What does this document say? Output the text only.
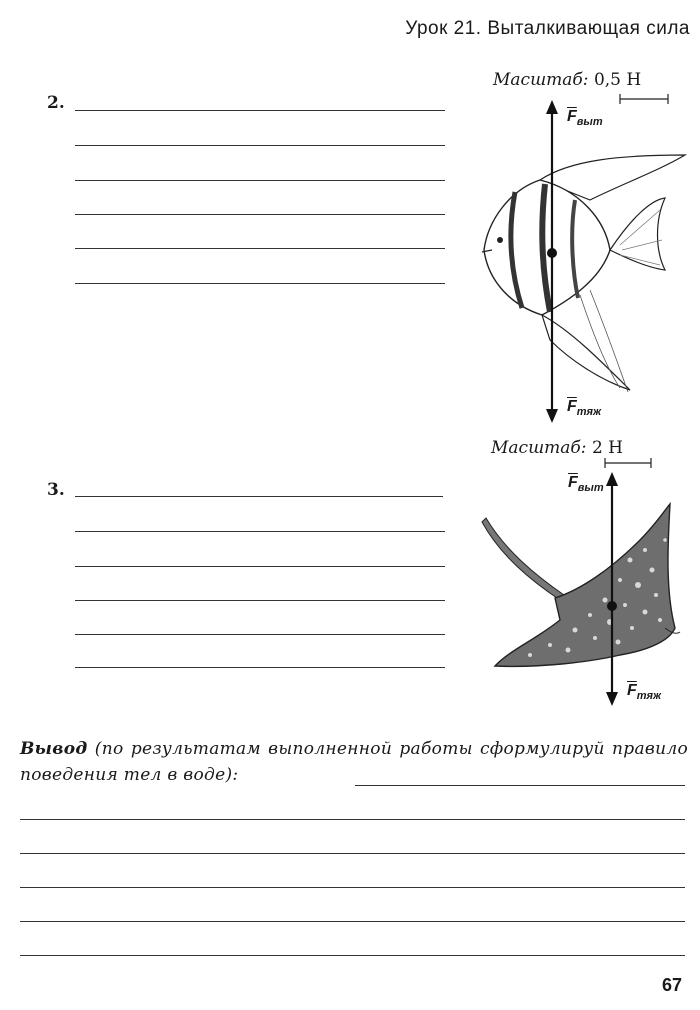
Урок 21. Выталкивающая сила
2.
Масштаб: 0,5 Н
$\overline{F}_{выт}$
$\overline{F}_{тяж}$
3.
Масштаб: 2 Н
$\overline{F}_{выт}$
$\overline{F}_{тяж}$
Вывод (по результатам выполненной работы сформулируй правило поведения тел в воде):
67
